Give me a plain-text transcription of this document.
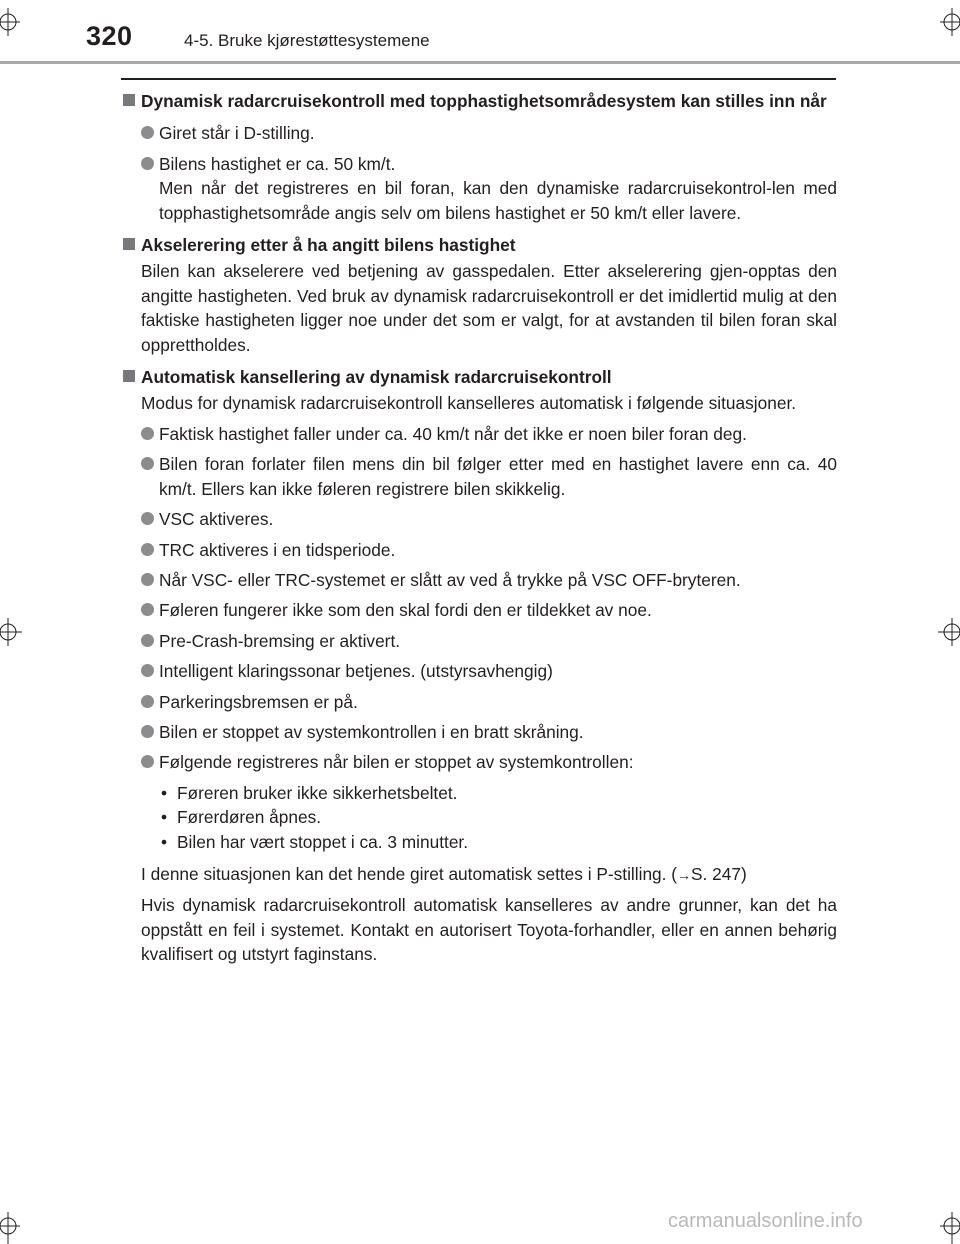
320	4-5. Bruke kjørestøttesystemene
Dynamisk radarcruisekontroll med topphastighetsområdesystem kan stilles inn når
Giret står i D-stilling.
Bilens hastighet er ca. 50 km/t.
Men når det registreres en bil foran, kan den dynamiske radarcruisekontrol-len med topphastighetsområde angis selv om bilens hastighet er 50 km/t eller lavere.
Akselerering etter å ha angitt bilens hastighet
Bilen kan akselerere ved betjening av gasspedalen. Etter akselerering gjen-opptas den angitte hastigheten. Ved bruk av dynamisk radarcruisekontroll er det imidlertid mulig at den faktiske hastigheten ligger noe under det som er valgt, for at avstanden til bilen foran skal opprettholdes.
Automatisk kansellering av dynamisk radarcruisekontroll
Modus for dynamisk radarcruisekontroll kanselleres automatisk i følgende situasjoner.
Faktisk hastighet faller under ca. 40 km/t når det ikke er noen biler foran deg.
Bilen foran forlater filen mens din bil følger etter med en hastighet lavere enn ca. 40 km/t. Ellers kan ikke føleren registrere bilen skikkelig.
VSC aktiveres.
TRC aktiveres i en tidsperiode.
Når VSC- eller TRC-systemet er slått av ved å trykke på VSC OFF-bryteren.
Føleren fungerer ikke som den skal fordi den er tildekket av noe.
Pre-Crash-bremsing er aktivert.
Intelligent klaringssonar betjenes. (utstyrsavhengig)
Parkeringsbremsen er på.
Bilen er stoppet av systemkontrollen i en bratt skråning.
Følgende registreres når bilen er stoppet av systemkontrollen:
• Føreren bruker ikke sikkerhetsbeltet.
• Førerdøren åpnes.
• Bilen har vært stoppet i ca. 3 minutter.
I denne situasjonen kan det hende giret automatisk settes i P-stilling. (→S. 247)
Hvis dynamisk radarcruisekontroll automatisk kanselleres av andre grunner, kan det ha oppstått en feil i systemet. Kontakt en autorisert Toyota-forhandler, eller en annen behørig kvalifisert og utstyrt faginstans.
carmanualsonline.info
